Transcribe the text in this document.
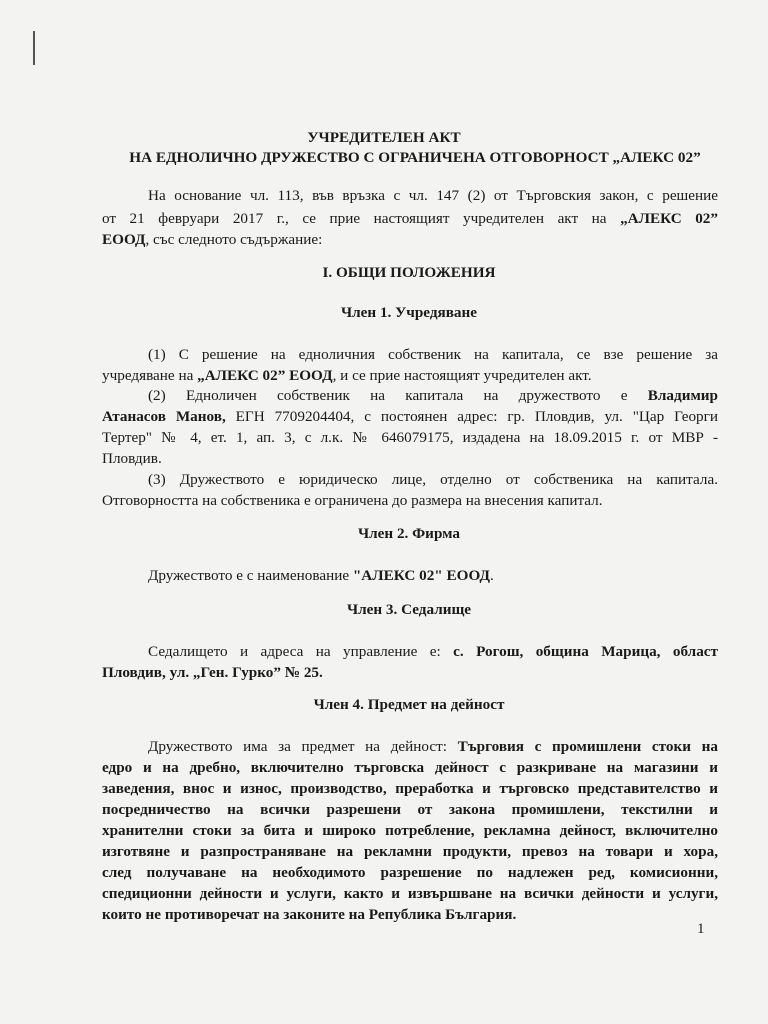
УЧРЕДИТЕЛЕН АКТ

НА ЕДНОЛИЧНО ДРУЖЕСТВО С ОГРАНИЧЕНА ОТГОВОРНОСТ „АЛЕКС 02”

На основание чл. 113, във връзка с чл. 147 (2) от Търговския закон, с решение

от 21 февруари 2017 г., се прие настоящият учредителен акт на „АЛЕКС 02”

ЕООД, със следното съдържание:

I. ОБЩИ ПОЛОЖЕНИЯ

Член 1. Учредяване

(1) С решение на едноличния собственик на капитала, се взе решение за

учредяване на „АЛЕКС 02” ЕООД, и се прие настоящият учредителен акт.

(2) Едноличен собственик на капитала на дружеството е Владимир

Атанасов Манов, ЕГН 7709204404, с постоянен адрес: гр. Пловдив, ул. "Цар Георги

Тертер" № 4, ет. 1, ап. 3, с л.к. № 646079175, издадена на 18.09.2015 г. от МВР -

Пловдив.

(3) Дружеството е юридическо лице, отделно от собственика на капитала.

Отговорността на собственика е ограничена до размера на внесения капитал.

Член 2. Фирма

Дружеството е с наименование "АЛЕКС 02" ЕООД.

Член 3. Седалище

Седалището и адреса на управление е: с. Рогош, община Марица, област

Пловдив, ул. „Ген. Гурко” № 25.

Член 4. Предмет на дейност

Дружеството има за предмет на дейност: Търговия с промишлени стоки на

едро и на дребно, включително търговска дейност с разкриване на магазини и

заведения, внос и износ, производство, преработка и търговско представителство и

посредничество на всички разрешени от закона промишлени, текстилни и

хранителни стоки за бита и широко потребление, рекламна дейност, включително

изготвяне и разпространяване на рекламни продукти, превоз на товари и хора,

след получаване на необходимото разрешение по надлежен ред, комисионни,

спедиционни дейности и услуги, както и извършване на всички дейности и услуги,

които не противоречат на законите на Република България.

1
